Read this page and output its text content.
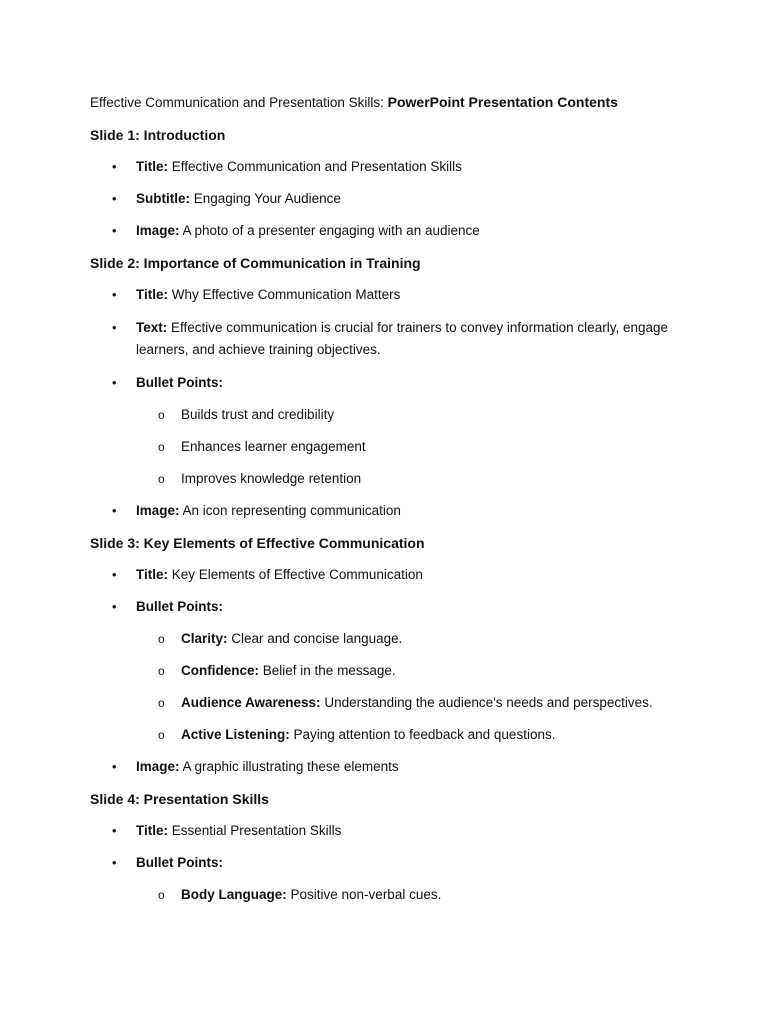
Effective Communication and Presentation Skills: PowerPoint Presentation Contents

Slide 1: Introduction

• Title: Effective Communication and Presentation Skills

• Subtitle: Engaging Your Audience

• Image: A photo of a presenter engaging with an audience

Slide 2: Importance of Communication in Training

• Title: Why Effective Communication Matters

• Text: Effective communication is crucial for trainers to convey information clearly, engage learners, and achieve training objectives.

• Bullet Points:

o Builds trust and credibility

o Enhances learner engagement

o Improves knowledge retention

• Image: An icon representing communication

Slide 3: Key Elements of Effective Communication

• Title: Key Elements of Effective Communication

• Bullet Points:

o Clarity: Clear and concise language.

o Confidence: Belief in the message.

o Audience Awareness: Understanding the audience's needs and perspectives.

o Active Listening: Paying attention to feedback and questions.

• Image: A graphic illustrating these elements

Slide 4: Presentation Skills

• Title: Essential Presentation Skills

• Bullet Points:

o Body Language: Positive non-verbal cues.
